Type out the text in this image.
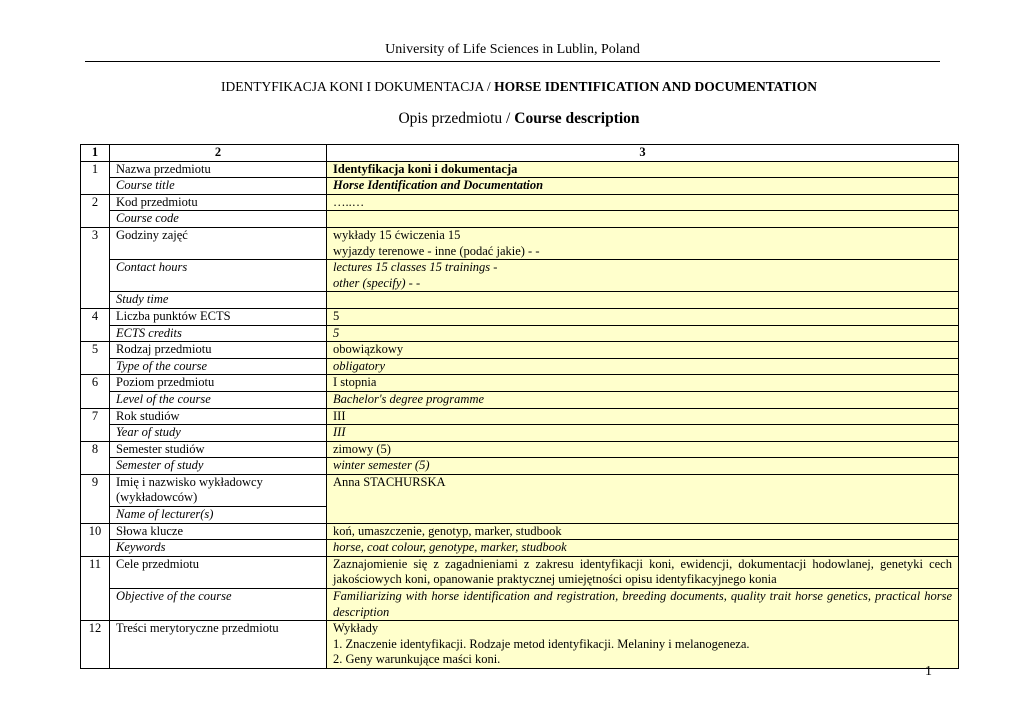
University of Life Sciences in Lublin, Poland
IDENTYFIKACJA KONI I DOKUMENTACJA / HORSE IDENTIFICATION AND DOCUMENTATION
Opis przedmiotu / Course description
1	2	3
1	Nazwa przedmiotu	Identyfikacja koni i dokumentacja
	Course title	Horse Identification and Documentation
2	Kod przedmiotu	…..…
	Course code	
3	Godziny zajęć	wykłady 15 ćwiczenia 15
wyjazdy terenowe - inne (podać jakie) - -

	Contact hours	lectures 15 classes 15 trainings -
other (specify) - -

	Study time	
4	Liczba punktów ECTS	5
	ECTS credits	5
5	Rodzaj przedmiotu	obowiązkowy
	Type of the course	obligatory
6	Poziom przedmiotu	I stopnia
	Level of the course	Bachelor's degree programme
7	Rok studiów	III
	Year of study	III
8	Semester studiów	zimowy (5)
	Semester of study	winter semester (5)
9	Imię i nazwisko wykładowcy
(wykładowców)	Anna STACHURSKA
	Name of lecturer(s)	
10	Słowa klucze	koń, umaszczenie, genotyp, marker, studbook
	Keywords	horse, coat colour, genotype, marker, studbook
11	Cele przedmiotu	Zaznajomienie się z zagadnieniami z zakresu identyfikacji koni, ewidencji, dokumentacji hodowlanej, genetyki cech jakościowych koni, opanowanie praktycznej umiejętności opisu identyfikacyjnego konia
	Objective of the course	Familiarizing with horse identification and registration, breeding documents, quality trait horse genetics, practical horse description
12	Treści merytoryczne przedmiotu	Wykłady
1. Znaczenie identyfikacji. Rodzaje metod identyfikacji. Melaniny i melanogeneza.
2. Geny warunkujące maści koni.
1
